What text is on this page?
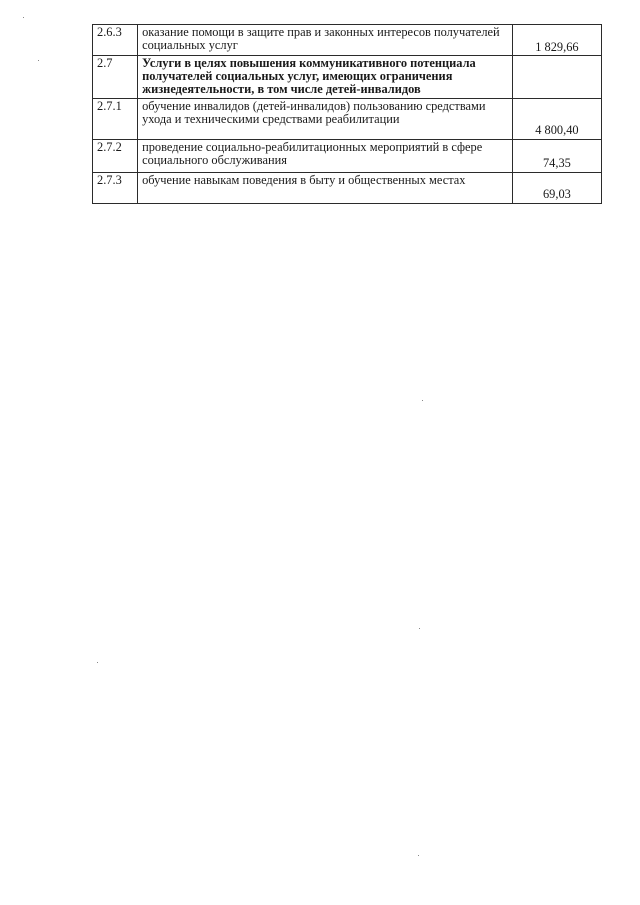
2.6.3	оказание помощи в защите прав и законных интересов получателей социальных услуг	1 829,66
2.7	Услуги в целях повышения коммуникативного потенциала получателей социальных услуг, имеющих ограничения жизнедеятельности, в том числе детей-инвалидов	
2.7.1	обучение инвалидов (детей-инвалидов) пользованию средствами ухода и техническими средствами реабилитации	4 800,40
2.7.2	проведение социально-реабилитационных мероприятий в сфере социального обслуживания	74,35
2.7.3	обучение навыкам поведения в быту и общественных местах	69,03
